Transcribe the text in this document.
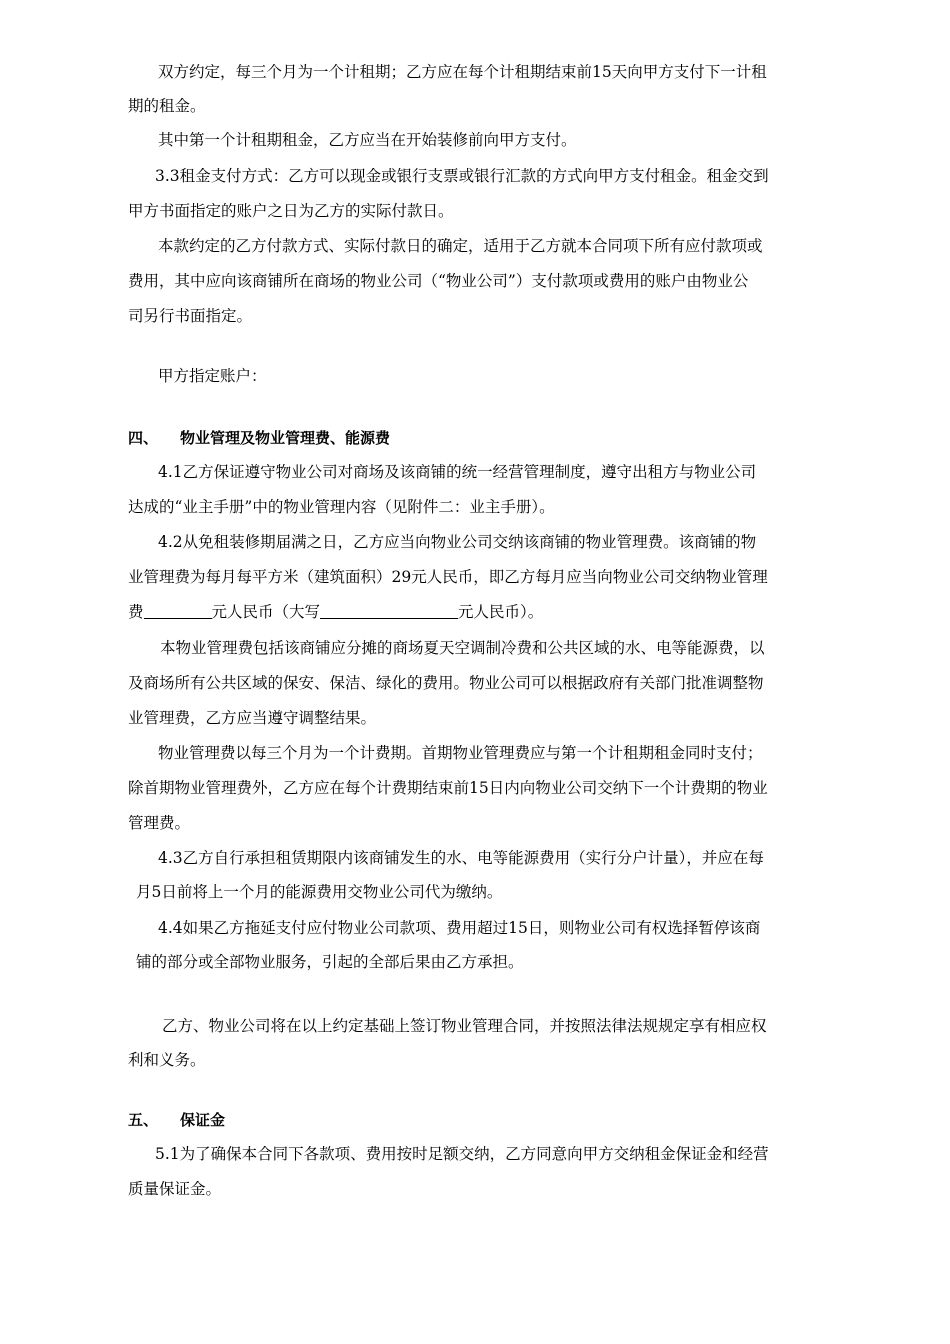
双方约定，每三个月为一个计租期；乙方应在每个计租期结束前15天向甲方支付下一计租
期的租金。
其中第一个计租期租金，乙方应当在开始装修前向甲方支付。
3.3租金支付方式：乙方可以现金或银行支票或银行汇款的方式向甲方支付租金。租金交到
甲方书面指定的账户之日为乙方的实际付款日。
本款约定的乙方付款方式、实际付款日的确定，适用于乙方就本合同项下所有应付款项或
费用，其中应向该商铺所在商场的物业公司（“物业公司”）支付款项或费用的账户由物业公
司另行书面指定。
甲方指定账户：
四、 物业管理及物业管理费、能源费
4.1乙方保证遵守物业公司对商场及该商铺的统一经营管理制度，遵守出租方与物业公司
达成的“业主手册”中的物业管理内容（见附件二：业主手册）。
4.2从免租装修期届满之日，乙方应当向物业公司交纳该商铺的物业管理费。该商铺的物
业管理费为每月每平方米（建筑面积）29元人民币，即乙方每月应当向物业公司交纳物业管理
费	元人民币（大写	元人民币）。
本物业管理费包括该商铺应分摊的商场夏天空调制冷费和公共区域的水、电等能源费，以
及商场所有公共区域的保安、保洁、绿化的费用。物业公司可以根据政府有关部门批准调整物
业管理费，乙方应当遵守调整结果。
物业管理费以每三个月为一个计费期。首期物业管理费应与第一个计租期租金同时支付；
除首期物业管理费外，乙方应在每个计费期结束前15日内向物业公司交纳下一个计费期的物业
管理费。
4.3乙方自行承担租赁期限内该商铺发生的水、电等能源费用（实行分户计量），并应在每
月5日前将上一个月的能源费用交物业公司代为缴纳。
4.4如果乙方拖延支付应付物业公司款项、费用超过15日，则物业公司有权选择暂停该商
铺的部分或全部物业服务，引起的全部后果由乙方承担。
乙方、物业公司将在以上约定基础上签订物业管理合同，并按照法律法规规定享有相应权
利和义务。
五、 保证金
5.1为了确保本合同下各款项、费用按时足额交纳，乙方同意向甲方交纳租金保证金和经营
质量保证金。
